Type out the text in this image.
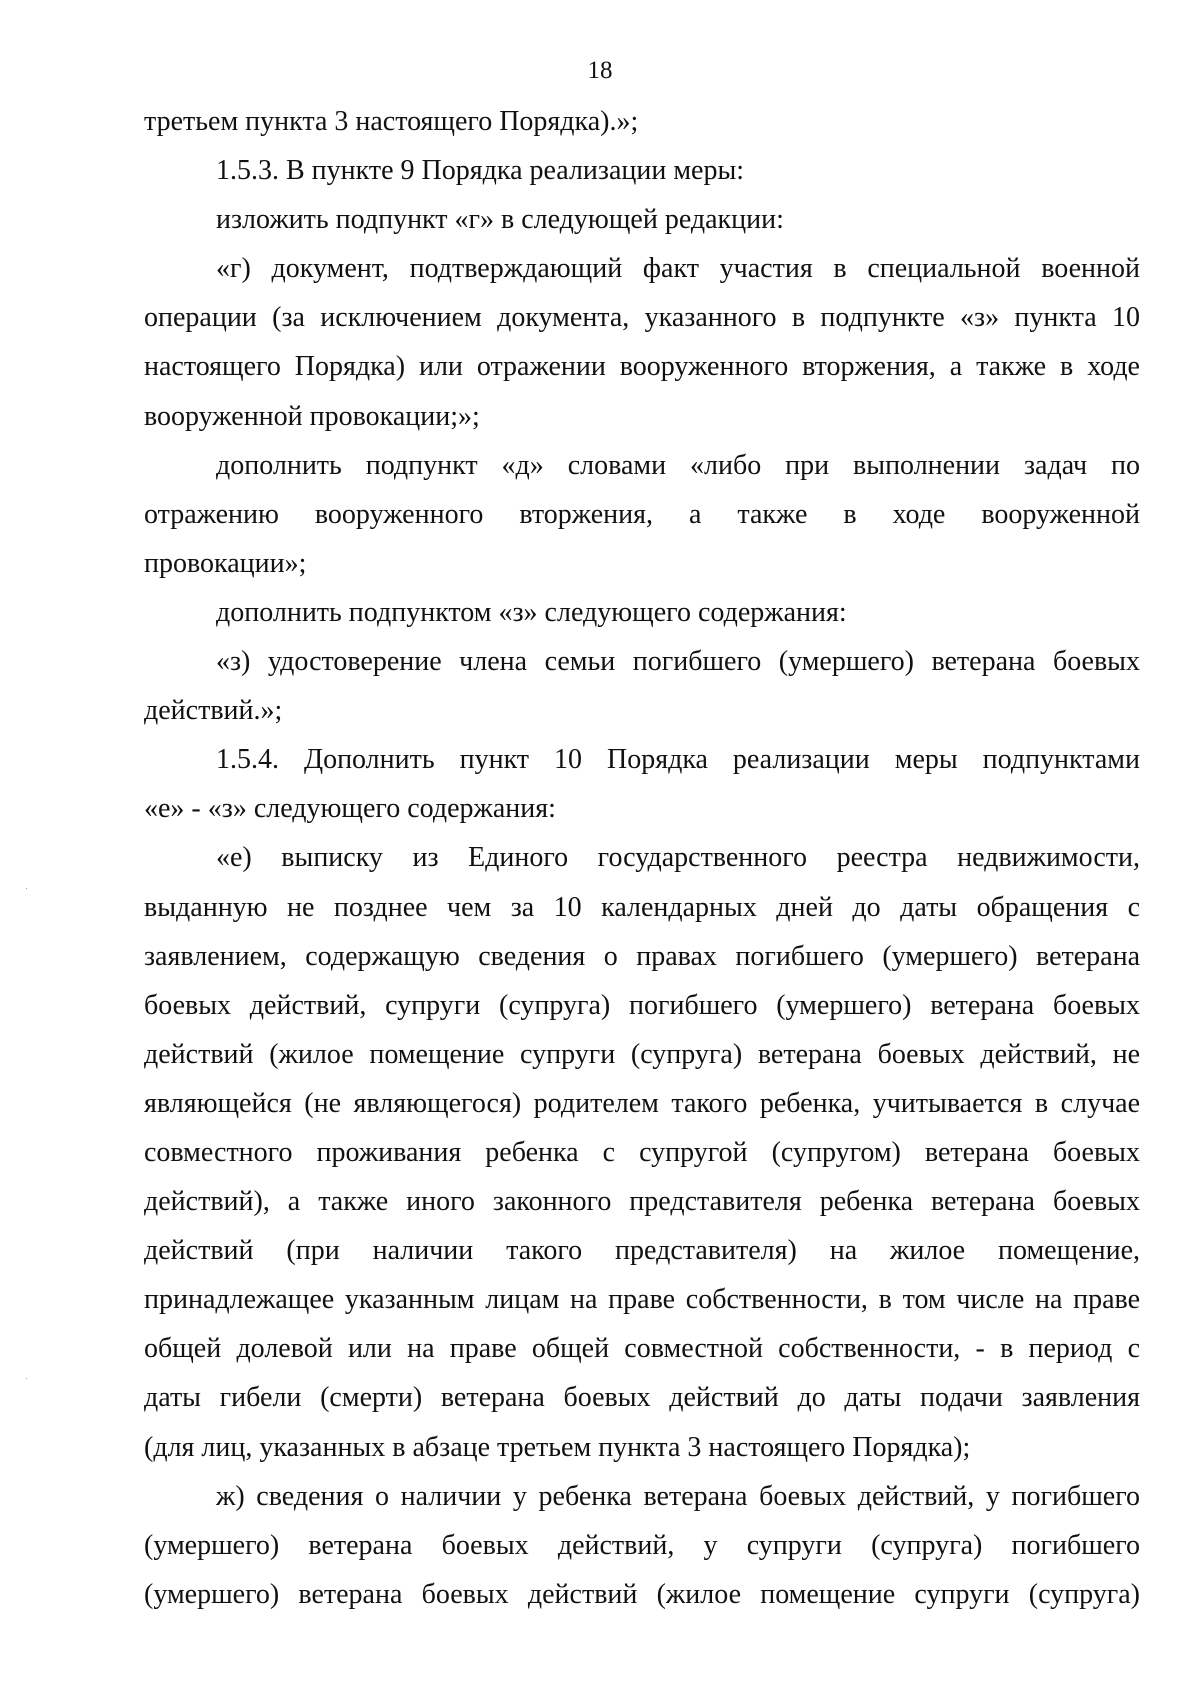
18
третьем пункта 3 настоящего Порядка).»;
1.5.3. В пункте 9 Порядка реализации меры:
изложить подпункт «г» в следующей редакции:
«г) документ, подтверждающий факт участия в специальной военной
операции (за исключением документа, указанного в подпункте «з» пункта 10
настоящего Порядка) или отражении вооруженного вторжения, а также в ходе
вооруженной провокации;»;
дополнить подпункт «д» словами «либо при выполнении задач по
отражению вооруженного вторжения, а также в ходе вооруженной
провокации»;
дополнить подпунктом «з» следующего содержания:
«з) удостоверение члена семьи погибшего (умершего) ветерана боевых
действий.»;
1.5.4. Дополнить пункт 10 Порядка реализации меры подпунктами
«е» - «з» следующего содержания:
«е) выписку из Единого государственного реестра недвижимости,
выданную не позднее чем за 10 календарных дней до даты обращения с
заявлением, содержащую сведения о правах погибшего (умершего) ветерана
боевых действий, супруги (супруга) погибшего (умершего) ветерана боевых
действий (жилое помещение супруги (супруга) ветерана боевых действий, не
являющейся (не являющегося) родителем такого ребенка, учитывается в случае
совместного проживания ребенка с супругой (супругом) ветерана боевых
действий), а также иного законного представителя ребенка ветерана боевых
действий (при наличии такого представителя) на жилое помещение,
принадлежащее указанным лицам на праве собственности, в том числе на праве
общей долевой или на праве общей совместной собственности, - в период с
даты гибели (смерти) ветерана боевых действий до даты подачи заявления
(для лиц, указанных в абзаце третьем пункта 3 настоящего Порядка);
ж) сведения о наличии у ребенка ветерана боевых действий, у погибшего
(умершего) ветерана боевых действий, у супруги (супруга) погибшего
(умершего) ветерана боевых действий (жилое помещение супруги (супруга)
